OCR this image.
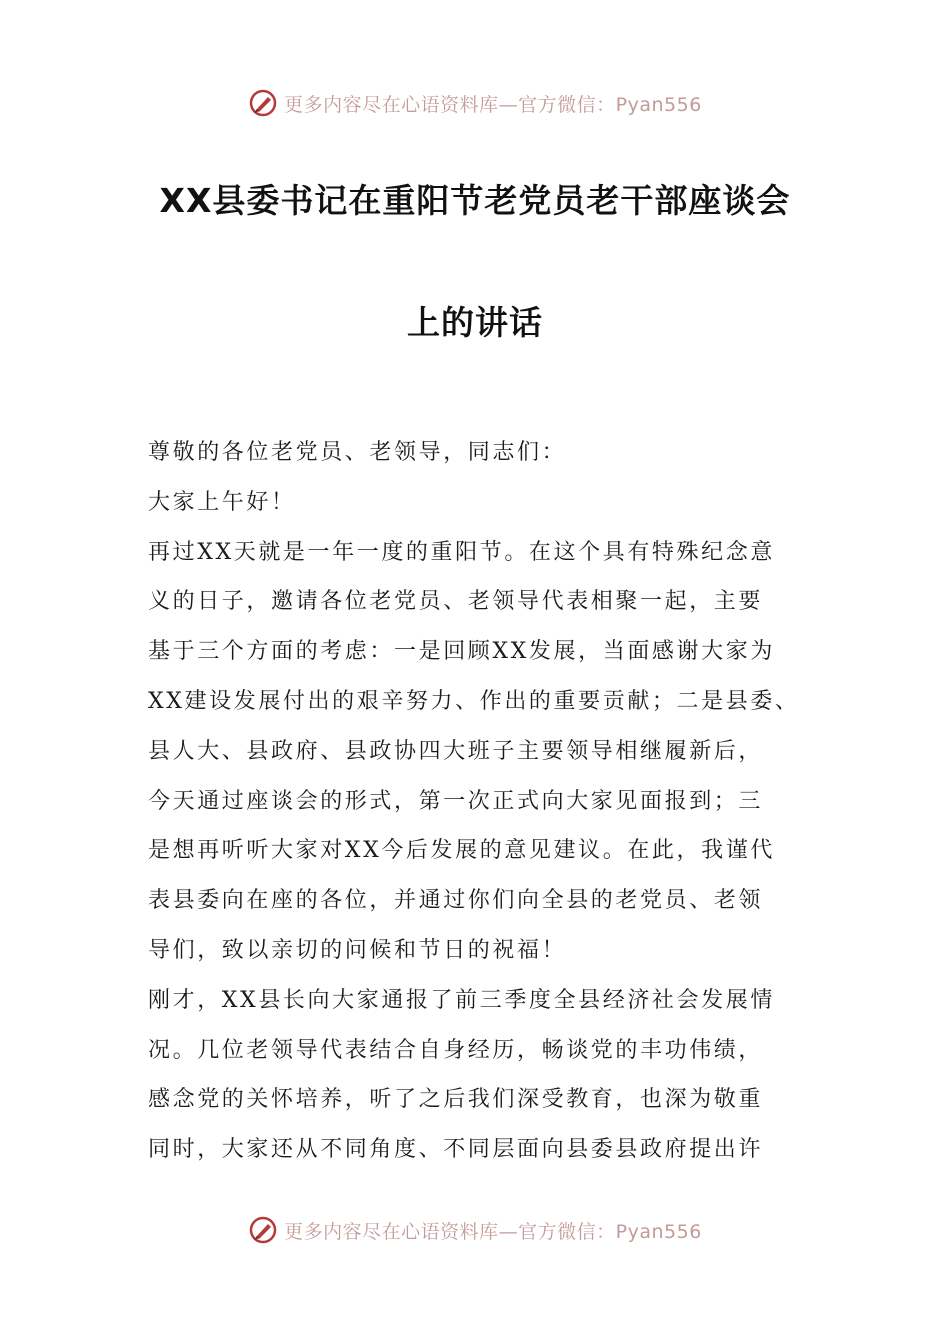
更多内容尽在心语资料库—官方微信：Pyan556
XX县委书记在重阳节老党员老干部座谈会
上的讲话
尊敬的各位老党员、老领导，同志们：
大家上午好！
再过XX天就是一年一度的重阳节。在这个具有特殊纪念意
义的日子，邀请各位老党员、老领导代表相聚一起，主要
基于三个方面的考虑：一是回顾XX发展，当面感谢大家为
XX建设发展付出的艰辛努力、作出的重要贡献；二是县委、
县人大、县政府、县政协四大班子主要领导相继履新后，
今天通过座谈会的形式，第一次正式向大家见面报到；三
是想再听听大家对XX今后发展的意见建议。在此，我谨代
表县委向在座的各位，并通过你们向全县的老党员、老领
导们，致以亲切的问候和节日的祝福！
刚才，XX县长向大家通报了前三季度全县经济社会发展情
况。几位老领导代表结合自身经历，畅谈党的丰功伟绩，
感念党的关怀培养，听了之后我们深受教育，也深为敬重
同时，大家还从不同角度、不同层面向县委县政府提出许
更多内容尽在心语资料库—官方微信：Pyan556
